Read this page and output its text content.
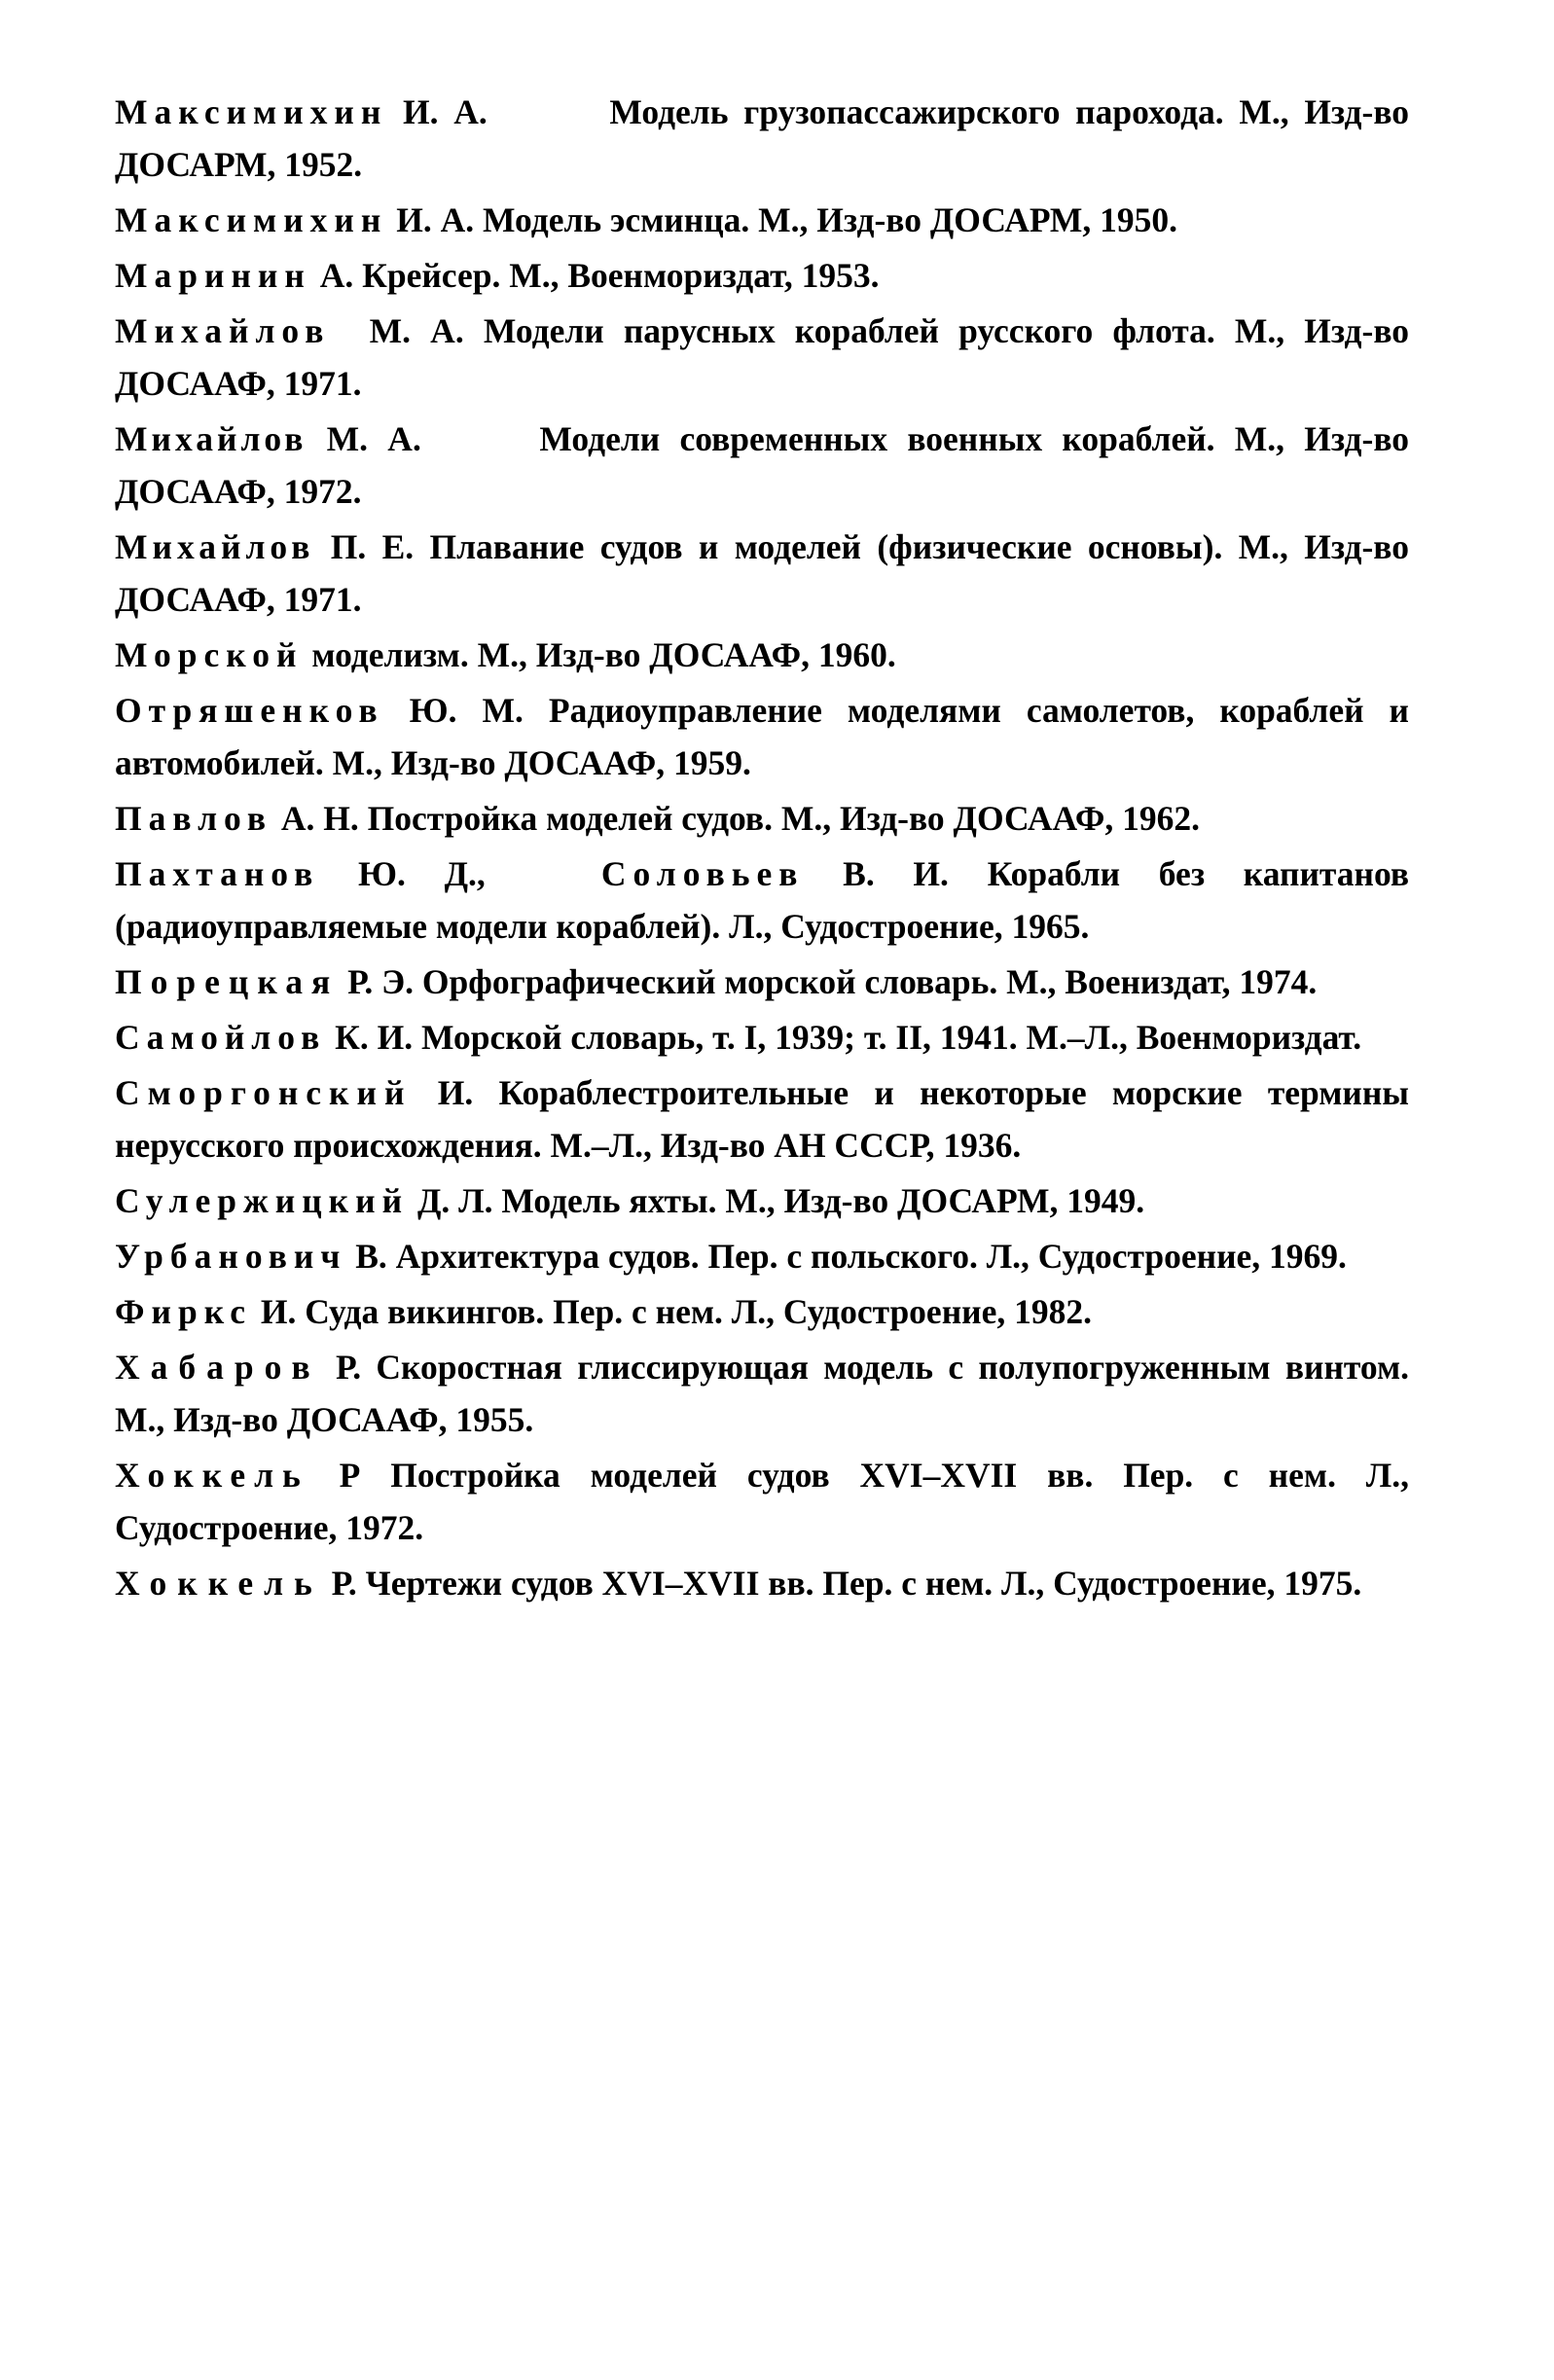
Максимихин И. А.	Модель грузопассажирского парохода. М., Изд-во ДОСАРМ, 1952.
Максимихин И. А. Модель эсминца. М., Изд-во ДОСАРМ, 1950.
Маринин А. Крейсер. М., Военмориздат, 1953.
Михайлов М. А. Модели парусных кораблей русского флота. М., Изд-во ДОСААФ, 1971.
Михайлов М. А.	Модели современных военных кораблей. М., Изд-во ДОСААФ, 1972.
Михайлов П. Е. Плавание судов и моделей (физические основы). М., Изд-во ДОСААФ, 1971.
Морской моделизм. М., Изд-во ДОСААФ, 1960.
Отряшенков Ю. М. Радиоуправление моделями самолетов, кораблей и автомобилей. М., Изд-во ДОСААФ, 1959.
Павлов А. Н. Постройка моделей судов. М., Изд-во ДОСААФ, 1962.
Пахтанов Ю. Д.,	Соловьев В. И. Корабли без капитанов (радиоуправляемые модели кораблей). Л., Судостроение, 1965.
Порецкая Р. Э. Орфографический морской словарь. М., Воениздат, 1974.
Самойлов К. И. Морской словарь, т. I, 1939; т. II, 1941. М.–Л., Военмориздат.
Сморгонский И. Кораблестроительные и некоторые морские термины нерусского происхождения. М.–Л., Изд-во АН СССР, 1936.
Сулержицкий Д. Л. Модель яхты. М., Изд-во ДОСАРМ, 1949.
Урбанович В. Архитектура судов. Пер. с польского. Л., Судостроение, 1969.
Фиркс И. Суда викингов. Пер. с нем. Л., Судостроение, 1982.
Хабаров Р. Скоростная глиссирующая модель с полупогруженным винтом. М., Изд-во ДОСААФ, 1955.
Хоккель Р Постройка моделей судов XVI–XVII вв. Пер. с нем. Л., Судостроение, 1972.
Хоккель Р. Чертежи судов XVI–XVII вв. Пер. с нем. Л., Судостроение, 1975.
